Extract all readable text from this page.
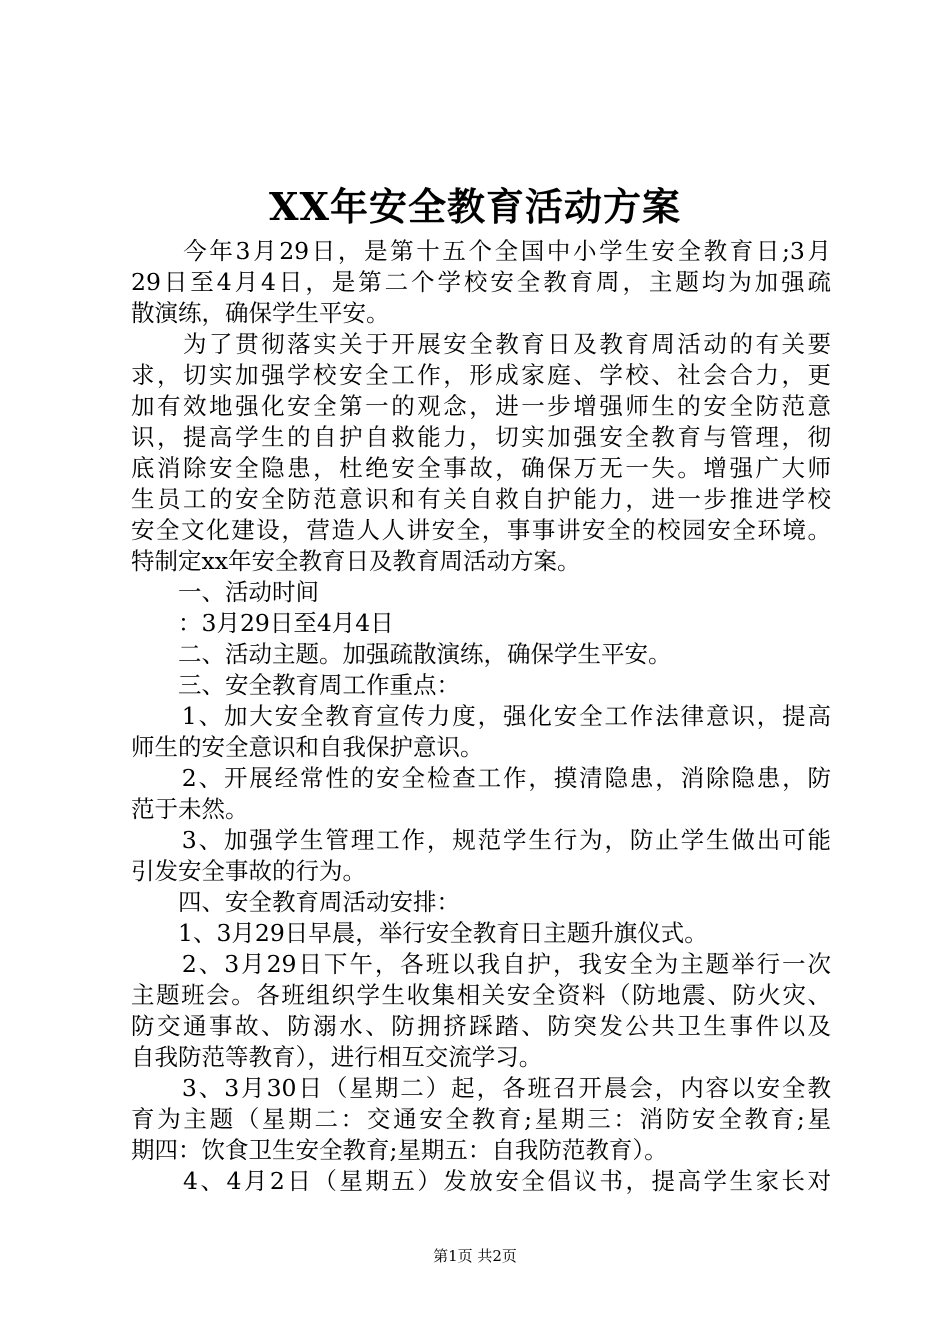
XX年安全教育活动方案
　　今年3月29日，是第十五个全国中小学生安全教育日;3月
29日至4月4日，是第二个学校安全教育周，主题均为加强疏
散演练，确保学生平安。
　　为了贯彻落实关于开展安全教育日及教育周活动的有关要
求，切实加强学校安全工作，形成家庭、学校、社会合力，更
加有效地强化安全第一的观念，进一步增强师生的安全防范意
识，提高学生的自护自救能力，切实加强安全教育与管理，彻
底消除安全隐患，杜绝安全事故，确保万无一失。增强广大师
生员工的安全防范意识和有关自救自护能力，进一步推进学校
安全文化建设，营造人人讲安全，事事讲安全的校园安全环境。
特制定xx年安全教育日及教育周活动方案。
　　一、活动时间
　　：3月29日至4月4日
　　二、活动主题。加强疏散演练，确保学生平安。
　　三、安全教育周工作重点：
　　1、加大安全教育宣传力度，强化安全工作法律意识，提高
师生的安全意识和自我保护意识。
　　2、开展经常性的安全检查工作，摸清隐患，消除隐患，防
范于未然。
　　3、加强学生管理工作，规范学生行为，防止学生做出可能
引发安全事故的行为。
　　四、安全教育周活动安排：
　　1、3月29日早晨，举行安全教育日主题升旗仪式。
　　2、3月29日下午，各班以我自护，我安全为主题举行一次
主题班会。各班组织学生收集相关安全资料（防地震、防火灾、
防交通事故、防溺水、防拥挤踩踏、防突发公共卫生事件以及
自我防范等教育），进行相互交流学习。
　　3、3月30日（星期二）起，各班召开晨会，内容以安全教
育为主题（星期二：交通安全教育;星期三：消防安全教育;星
期四：饮食卫生安全教育;星期五：自我防范教育）。
　　4、4月2日（星期五）发放安全倡议书，提高学生家长对
第1页 共2页
